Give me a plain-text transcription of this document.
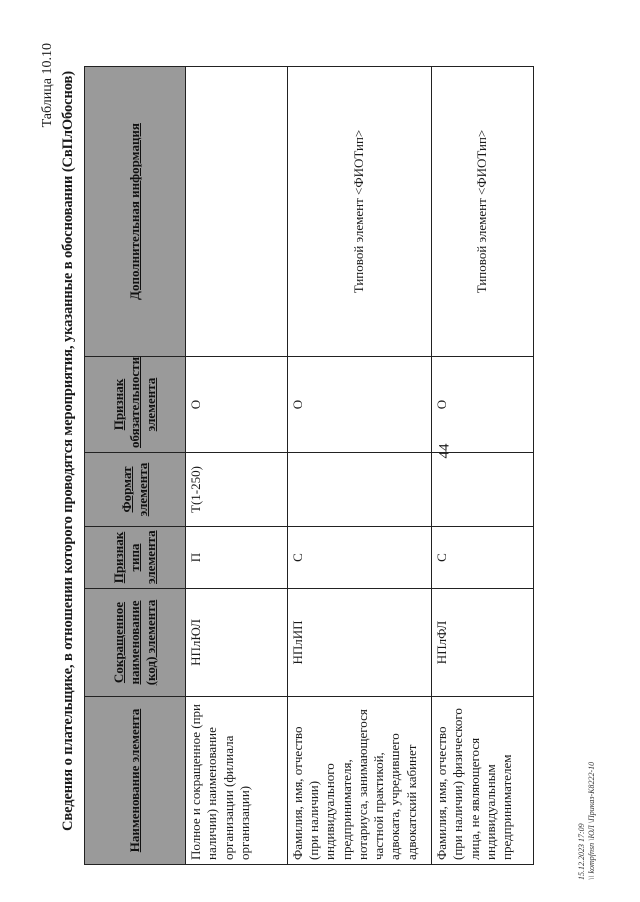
44
Таблица 10.10 Сведения о плательщике, в отношении которого проводятся мероприятия, указанные в обосновании (СвПлОбоснов)	Наименование элемента	Сокращенное наименование (код) элемента	Признак типа элемента	Формат элемента	Признак обязательности элемента	Дополнительная информация
Полное и сокращенное (при наличии) наименование организации (филиала организации)	НПлЮЛ	П	T(1-250)	О	
Фамилия, имя, отчество (при наличии) индивидуального предпринимателя, нотариуса, занимающегося частной практикой, адвоката, учредившего адвокатский кабинет	НПлИП	С		О	Типовой элемент <ФИОТип>
Фамилия, имя, отчество (при наличии) физического лица, не являющегося индивидуальным предпринимателем	НПлФЛ	С		О	Типовой элемент <ФИОТип>
15.12.2023 17:09 \\ kompfnsn \ЮЛ \Приказ-К8222-10
